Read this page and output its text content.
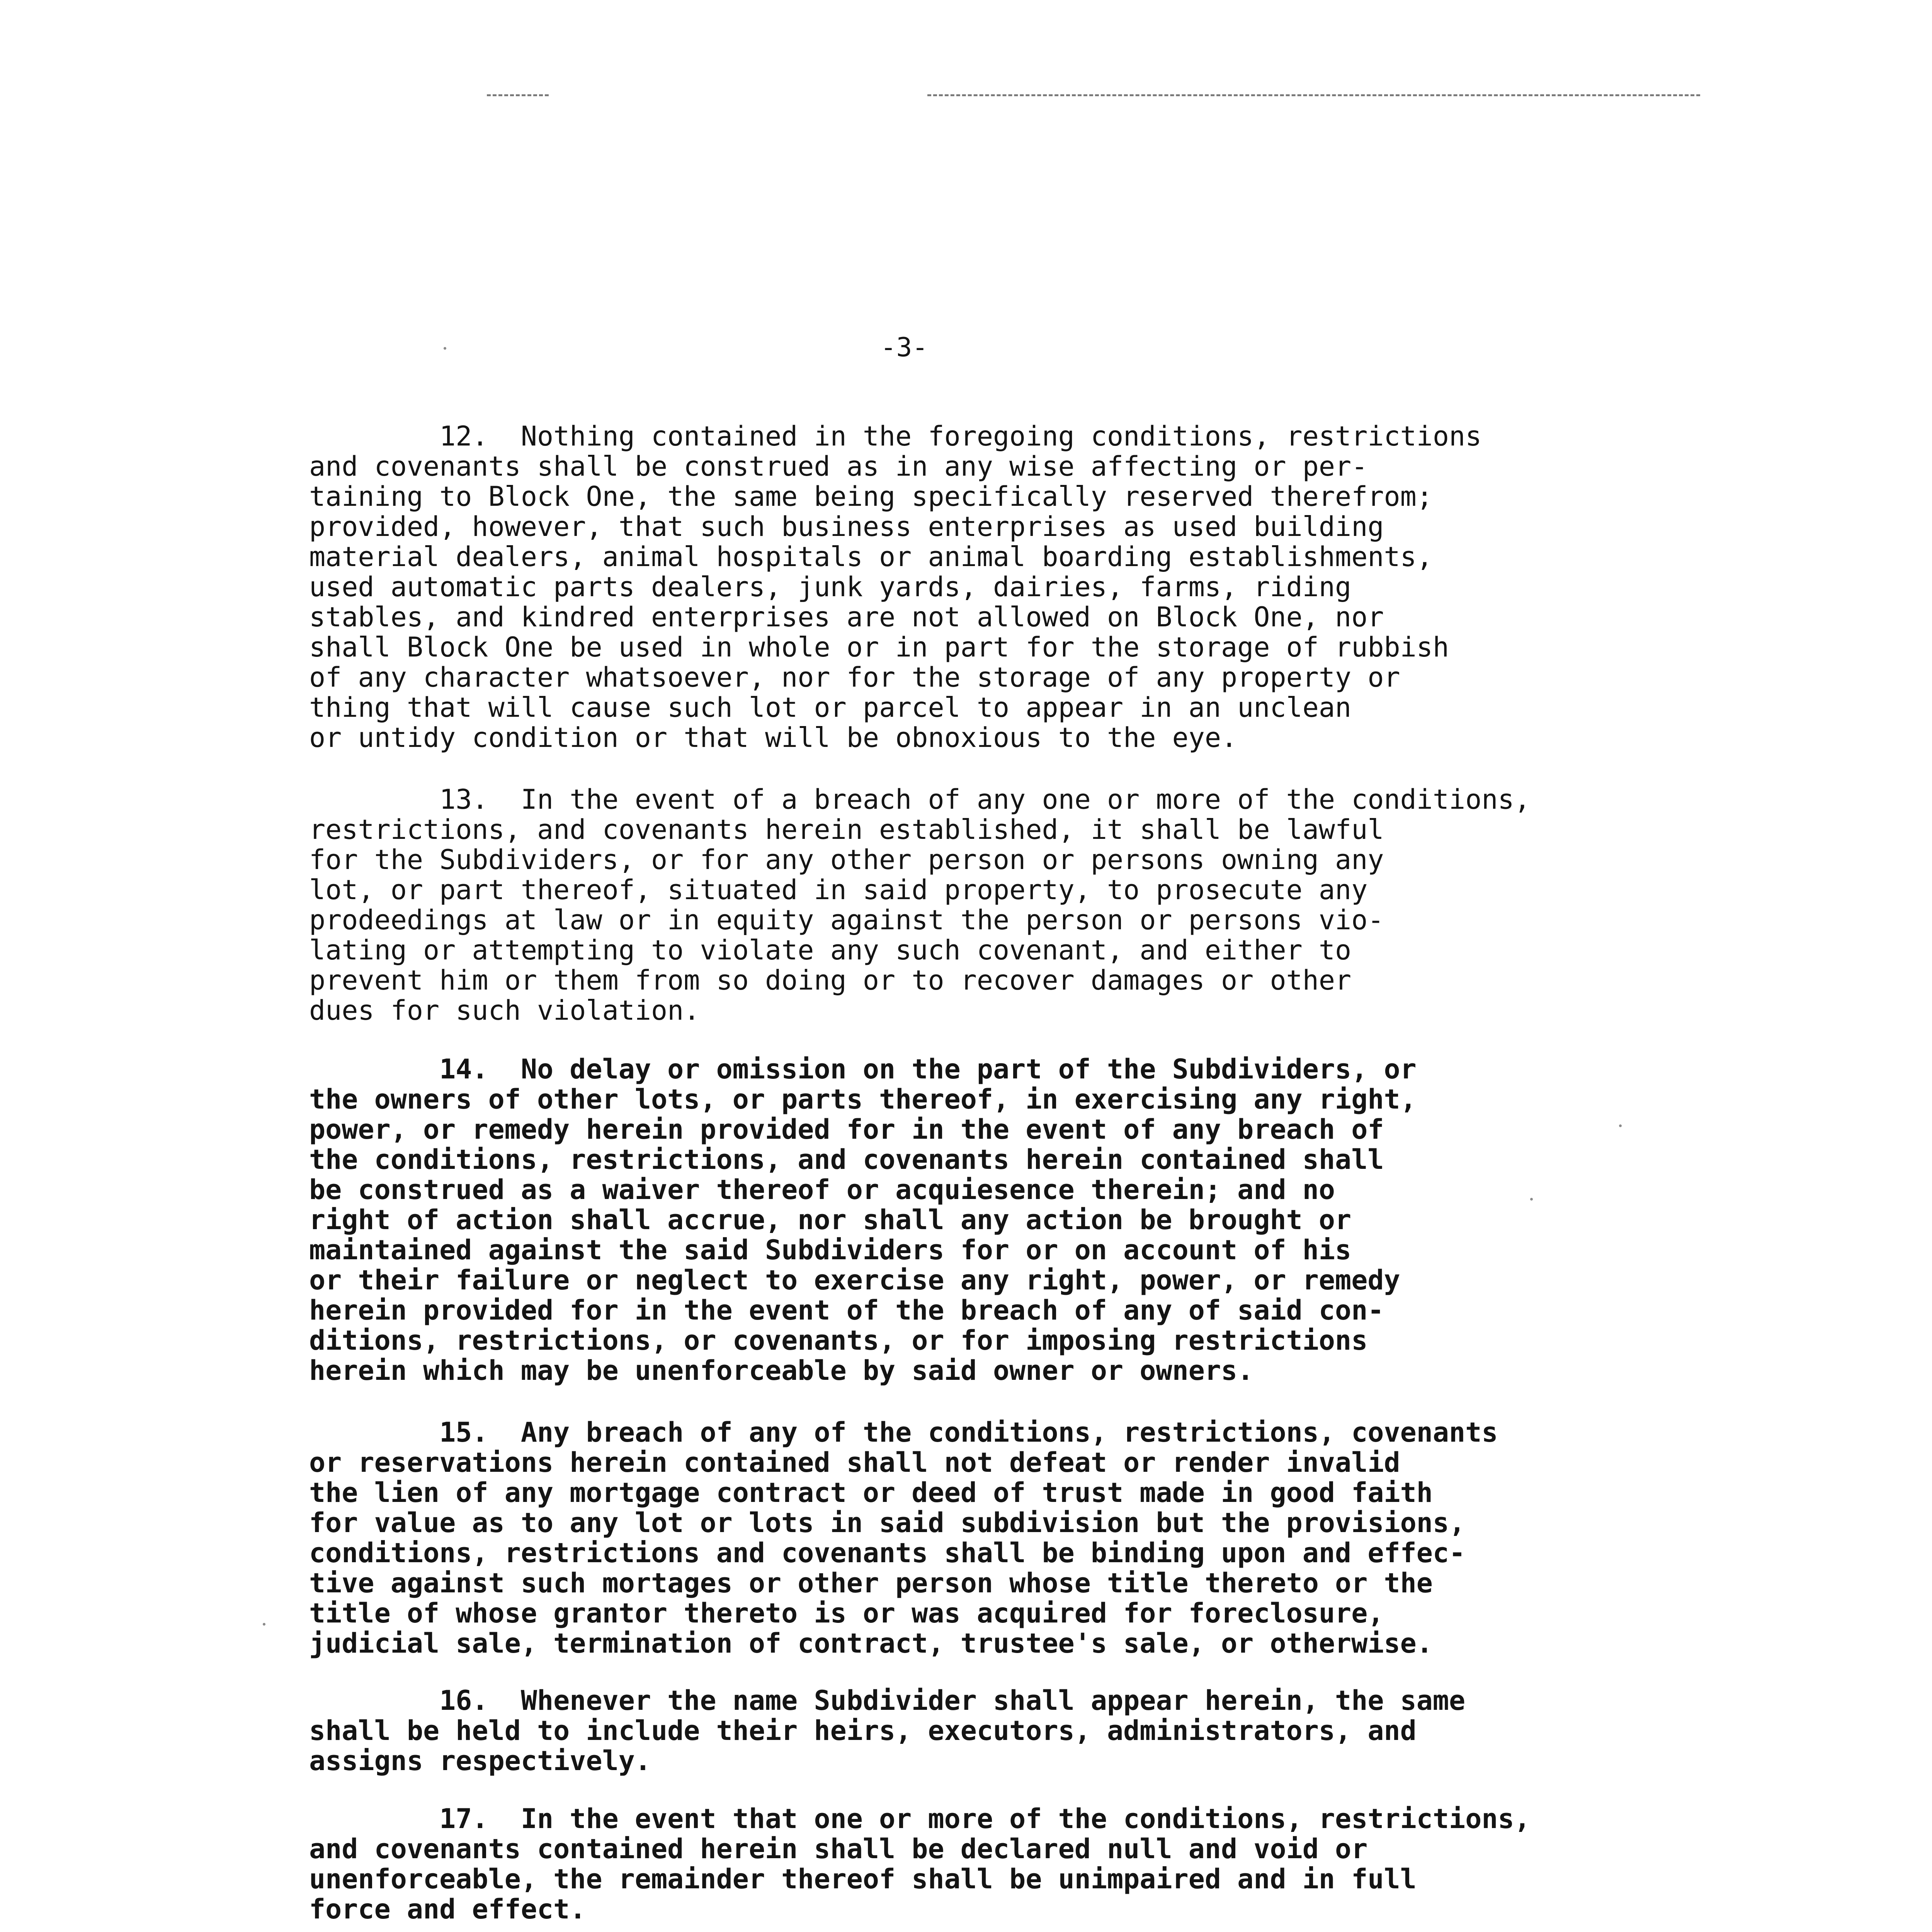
-3-
12.  Nothing contained in the foregoing conditions, restrictions
and covenants shall be construed as in any wise affecting or per-
taining to Block One, the same being specifically reserved therefrom;
provided, however, that such business enterprises as used building
material dealers, animal hospitals or animal boarding establishments,
used automatic parts dealers, junk yards, dairies, farms, riding
stables, and kindred enterprises are not allowed on Block One, nor
shall Block One be used in whole or in part for the storage of rubbish
of any character whatsoever, nor for the storage of any property or
thing that will cause such lot or parcel to appear in an unclean
or untidy condition or that will be obnoxious to the eye.
13.  In the event of a breach of any one or more of the conditions,
restrictions, and covenants herein established, it shall be lawful
for the Subdividers, or for any other person or persons owning any
lot, or part thereof, situated in said property, to prosecute any
prodeedings at law or in equity against the person or persons vio-
lating or attempting to violate any such covenant, and either to
prevent him or them from so doing or to recover damages or other
dues for such violation.
14.  No delay or omission on the part of the Subdividers, or
the owners of other lots, or parts thereof, in exercising any right,
power, or remedy herein provided for in the event of any breach of
the conditions, restrictions, and covenants herein contained shall
be construed as a waiver thereof or acquiesence therein; and no
right of action shall accrue, nor shall any action be brought or
maintained against the said Subdividers for or on account of his
or their failure or neglect to exercise any right, power, or remedy
herein provided for in the event of the breach of any of said con-
ditions, restrictions, or covenants, or for imposing restrictions
herein which may be unenforceable by said owner or owners.
15.  Any breach of any of the conditions, restrictions, covenants
or reservations herein contained shall not defeat or render invalid
the lien of any mortgage contract or deed of trust made in good faith
for value as to any lot or lots in said subdivision but the provisions,
conditions, restrictions and covenants shall be binding upon and effec-
tive against such mortages or other person whose title thereto or the
title of whose grantor thereto is or was acquired for foreclosure,
judicial sale, termination of contract, trustee's sale, or otherwise.
16.  Whenever the name Subdivider shall appear herein, the same
shall be held to include their heirs, executors, administrators, and
assigns respectively.
17.  In the event that one or more of the conditions, restrictions,
and covenants contained herein shall be declared null and void or
unenforceable, the remainder thereof shall be unimpaired and in full
force and effect.
